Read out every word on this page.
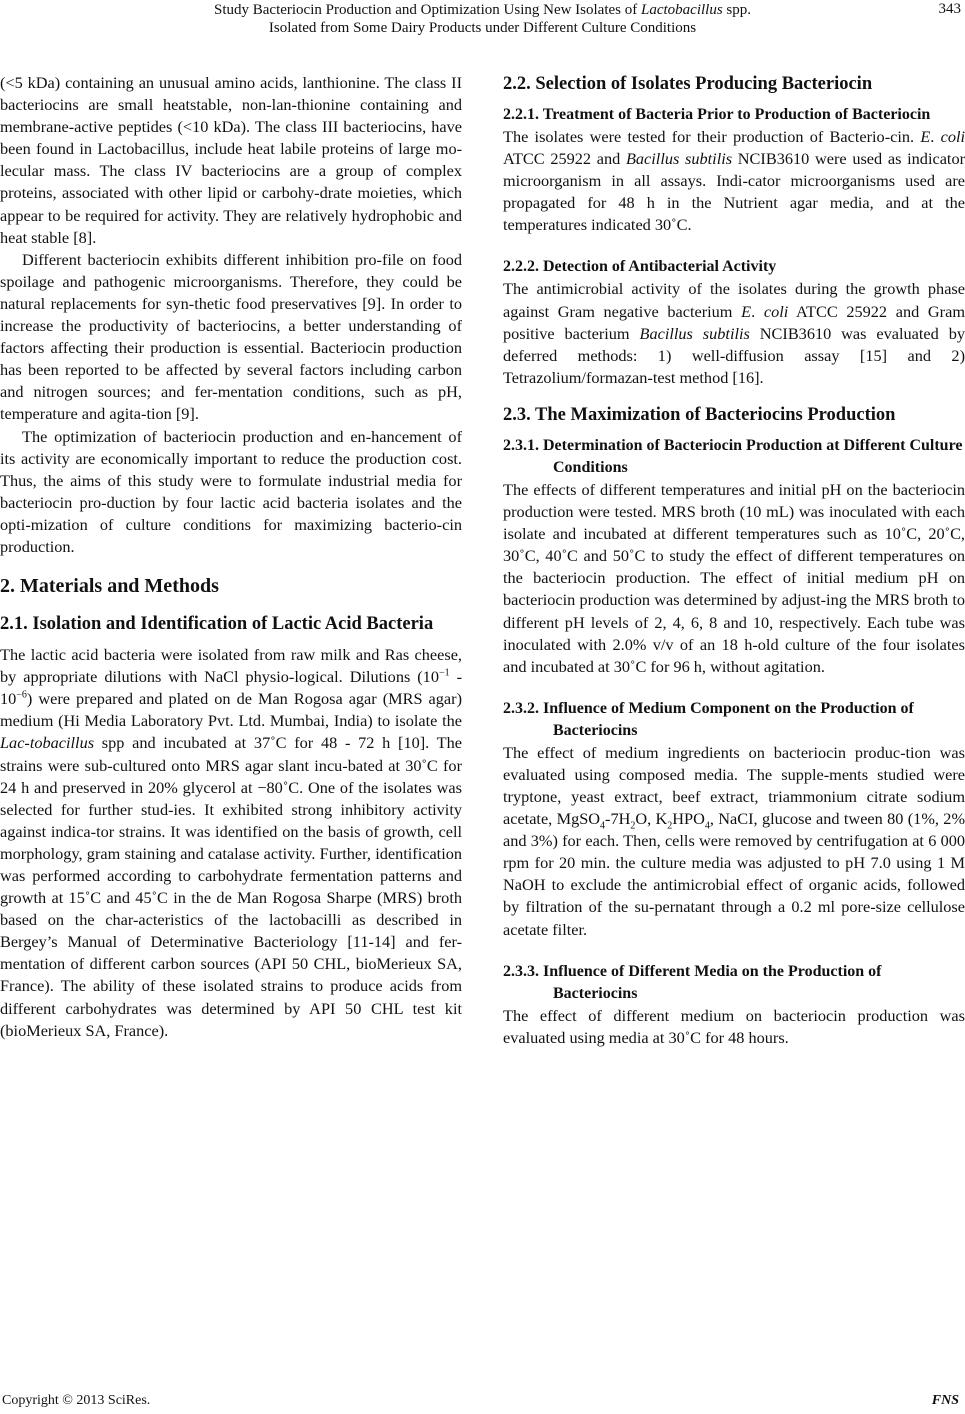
Study Bacteriocin Production and Optimization Using New Isolates of Lactobacillus spp.
Isolated from Some Dairy Products under Different Culture Conditions
343

(<5 kDa) containing an unusual amino acids, lanthionine. The class II bacteriocins are small heatstable, non-lan-thionine containing and membrane-active peptides (<10 kDa). The class III bacteriocins, have been found in Lactobacillus, include heat labile proteins of large mo-lecular mass. The class IV bacteriocins are a group of complex proteins, associated with other lipid or carbohy-drate moieties, which appear to be required for activity. They are relatively hydrophobic and heat stable [8].

Different bacteriocin exhibits different inhibition pro-file on food spoilage and pathogenic microorganisms. Therefore, they could be natural replacements for syn-thetic food preservatives [9]. In order to increase the productivity of bacteriocins, a better understanding of factors affecting their production is essential. Bacteriocin production has been reported to be affected by several factors including carbon and nitrogen sources; and fer-mentation conditions, such as pH, temperature and agita-tion [9].

The optimization of bacteriocin production and en-hancement of its activity are economically important to reduce the production cost. Thus, the aims of this study were to formulate industrial media for bacteriocin pro-duction by four lactic acid bacteria isolates and the opti-mization of culture conditions for maximizing bacterio-cin production.

2. Materials and Methods
2.1. Isolation and Identification of Lactic Acid Bacteria

The lactic acid bacteria were isolated from raw milk and Ras cheese, by appropriate dilutions with NaCl physio-logical. Dilutions $(10^{-1} - 10^{-6})$ were prepared and plated on de Man Rogosa agar (MRS agar) medium (Hi Media Laboratory Pvt. Ltd. Mumbai, India) to isolate the Lac-tobacillus spp and incubated at 37˚C for 48 - 72 h [10]. The strains were sub-cultured onto MRS agar slant incu-bated at 30˚C for 24 h and preserved in 20% glycerol at −80˚C. One of the isolates was selected for further stud-ies. It exhibited strong inhibitory activity against indica-tor strains. It was identified on the basis of growth, cell morphology, gram staining and catalase activity. Further, identification was performed according to carbohydrate fermentation patterns and growth at 15˚C and 45˚C in the de Man Rogosa Sharpe (MRS) broth based on the char-acteristics of the lactobacilli as described in Bergey’s Manual of Determinative Bacteriology [11-14] and fer-mentation of different carbon sources (API 50 CHL, bioMerieux SA, France). The ability of these isolated strains to produce acids from different carbohydrates was determined by API 50 CHL test kit (bioMerieux SA, France).

2.2. Selection of Isolates Producing Bacteriocin
2.2.1. Treatment of Bacteria Prior to Production of Bacteriocin

The isolates were tested for their production of Bacterio-cin. E. coli ATCC 25922 and Bacillus subtilis NCIB3610 were used as indicator microorganism in all assays. Indi-cator microorganisms used are propagated for 48 h in the Nutrient agar media, and at the temperatures indicated 30˚C.

2.2.2. Detection of Antibacterial Activity

The antimicrobial activity of the isolates during the growth phase against Gram negative bacterium E. coli ATCC 25922 and Gram positive bacterium Bacillus subtilis NCIB3610 was evaluated by deferred methods: 1) well-diffusion assay [15] and 2) Tetrazolium/formazan-test method [16].

2.3. The Maximization of Bacteriocins Production
2.3.1. Determination of Bacteriocin Production at Different Culture Conditions

The effects of different temperatures and initial pH on the bacteriocin production were tested. MRS broth (10 mL) was inoculated with each isolate and incubated at different temperatures such as 10˚C, 20˚C, 30˚C, 40˚C and 50˚C to study the effect of different temperatures on the bacteriocin production. The effect of initial medium pH on bacteriocin production was determined by adjust-ing the MRS broth to different pH levels of 2, 4, 6, 8 and 10, respectively. Each tube was inoculated with 2.0% v/v of an 18 h-old culture of the four isolates and incubated at 30˚C for 96 h, without agitation.

2.3.2. Influence of Medium Component on the Production of Bacteriocins

The effect of medium ingredients on bacteriocin produc-tion was evaluated using composed media. The supple-ments studied were tryptone, yeast extract, beef extract, triammonium citrate sodium acetate, $MgSO_4-7H_2O$, $K_2HPO_4$, NaCI, glucose and tween 80 (1%, 2% and 3%) for each. Then, cells were removed by centrifugation at 6 000 rpm for 20 min. the culture media was adjusted to pH 7.0 using 1 M NaOH to exclude the antimicrobial effect of organic acids, followed by filtration of the su-pernatant through a 0.2 ml pore-size cellulose acetate filter.

2.3.3. Influence of Different Media on the Production of Bacteriocins

The effect of different medium on bacteriocin production was evaluated using media at 30˚C for 48 hours.

Copyright © 2013 SciRes.	FNS
